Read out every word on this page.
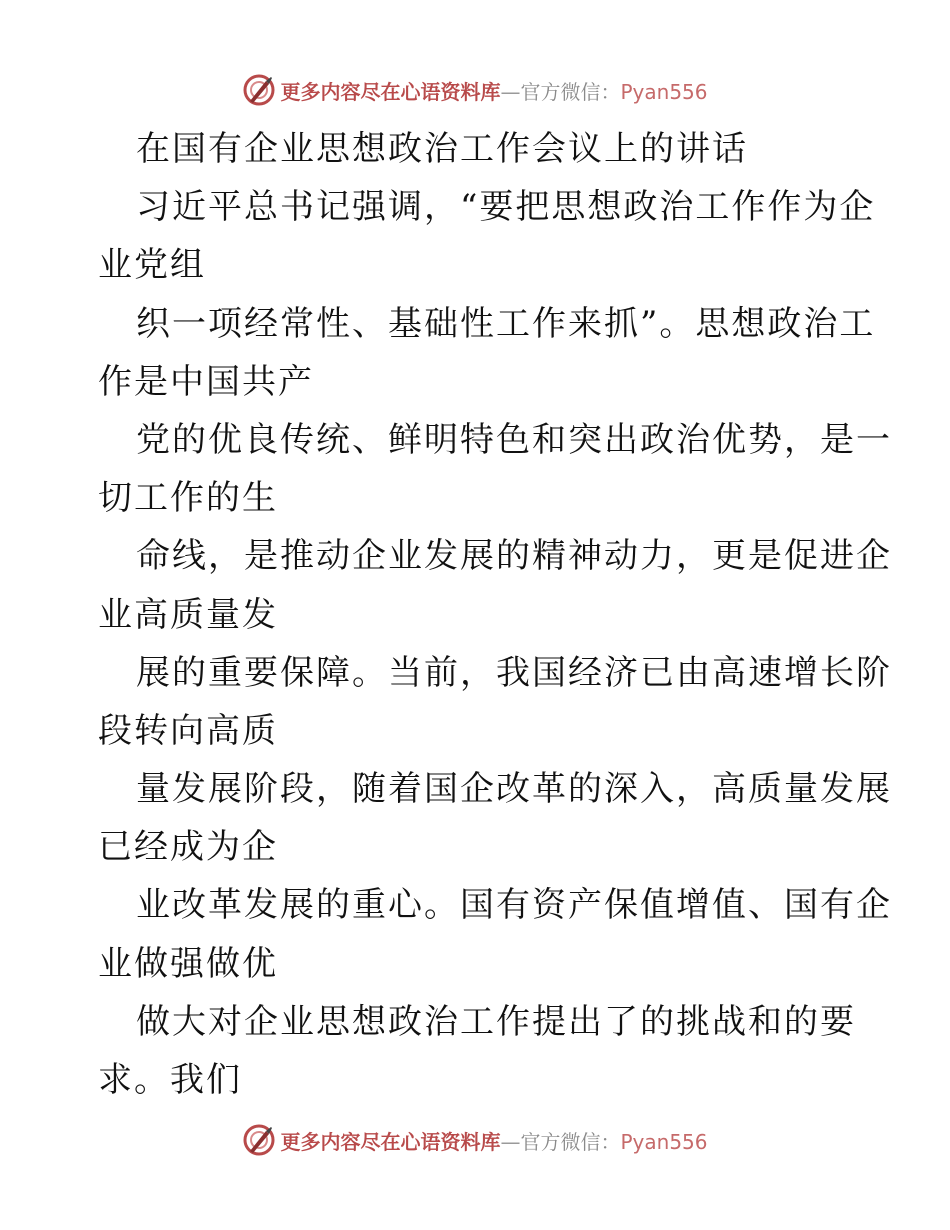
更多内容尽在心语资料库—官方微信：Pyan556
在国有企业思想政治工作会议上的讲话
习近平总书记强调，“要把思想政治工作作为企
业党组
织一项经常性、基础性工作来抓”。思想政治工
作是中国共产
党的优良传统、鲜明特色和突出政治优势，是一
切工作的生
命线，是推动企业发展的精神动力，更是促进企
业高质量发
展的重要保障。当前，我国经济已由高速增长阶
段转向高质
量发展阶段，随着国企改革的深入，高质量发展
已经成为企
业改革发展的重心。国有资产保值增值、国有企
业做强做优
做大对企业思想政治工作提出了的挑战和的要
求。我们
更多内容尽在心语资料库—官方微信：Pyan556
